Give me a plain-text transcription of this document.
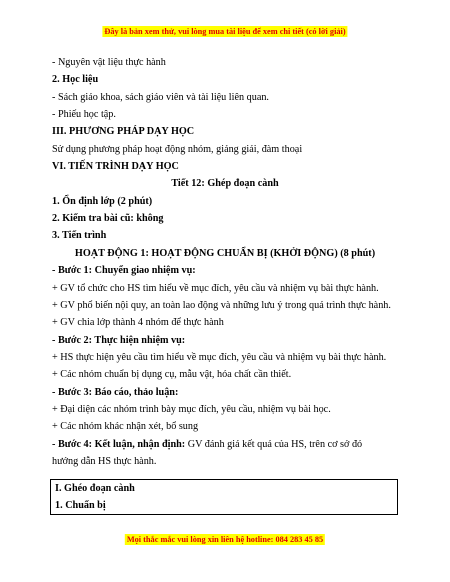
Đây là bản xem thử, vui lòng mua tài liệu để xem chi tiết (có lời giải)
- Nguyên vật liệu thực hành
2. Học liệu
- Sách giáo khoa, sách giáo viên và tài liệu liên quan.
- Phiếu học tập.
III. PHƯƠNG PHÁP DẠY HỌC
Sử dụng phương pháp hoạt động nhóm, giảng giải, đàm thoại
VI. TIẾN TRÌNH DẠY HỌC
Tiết 12: Ghép đoạn cành
1. Ổn định lớp (2 phút)
2. Kiểm tra bài cũ: không
3. Tiến trình
HOẠT ĐỘNG 1: HOẠT ĐỘNG CHUẨN BỊ (KHỞI ĐỘNG) (8 phút)
- Bước 1: Chuyển giao nhiệm vụ:
+ GV tổ chức cho HS tìm hiểu về mục đích, yêu cầu và nhiệm vụ bài thực hành.
+ GV phổ biến nội quy, an toàn lao động và những lưu ý trong quá trình thực hành.
+ GV chia lớp thành 4 nhóm để thực hành
- Bước 2: Thực hiện nhiệm vụ:
+ HS thực hiện yêu cầu tìm hiểu về mục đích, yêu cầu và nhiệm vụ bài thực hành.
+ Các nhóm chuẩn bị dụng cụ, mẫu vật, hóa chất cần thiết.
- Bước 3: Báo cáo, thảo luận:
+ Đại diện các nhóm trình bày mục đích, yêu cầu, nhiệm vụ bài học.
+ Các nhóm khác nhận xét, bổ sung
- Bước 4: Kết luận, nhận định: GV đánh giá kết quả của HS, trên cơ sở đó
hướng dẫn HS thực hành.
I. Ghéo đoạn cành
1. Chuẩn bị
Mọi thắc mắc vui lòng xin liên hệ hotline: 084 283 45 85
